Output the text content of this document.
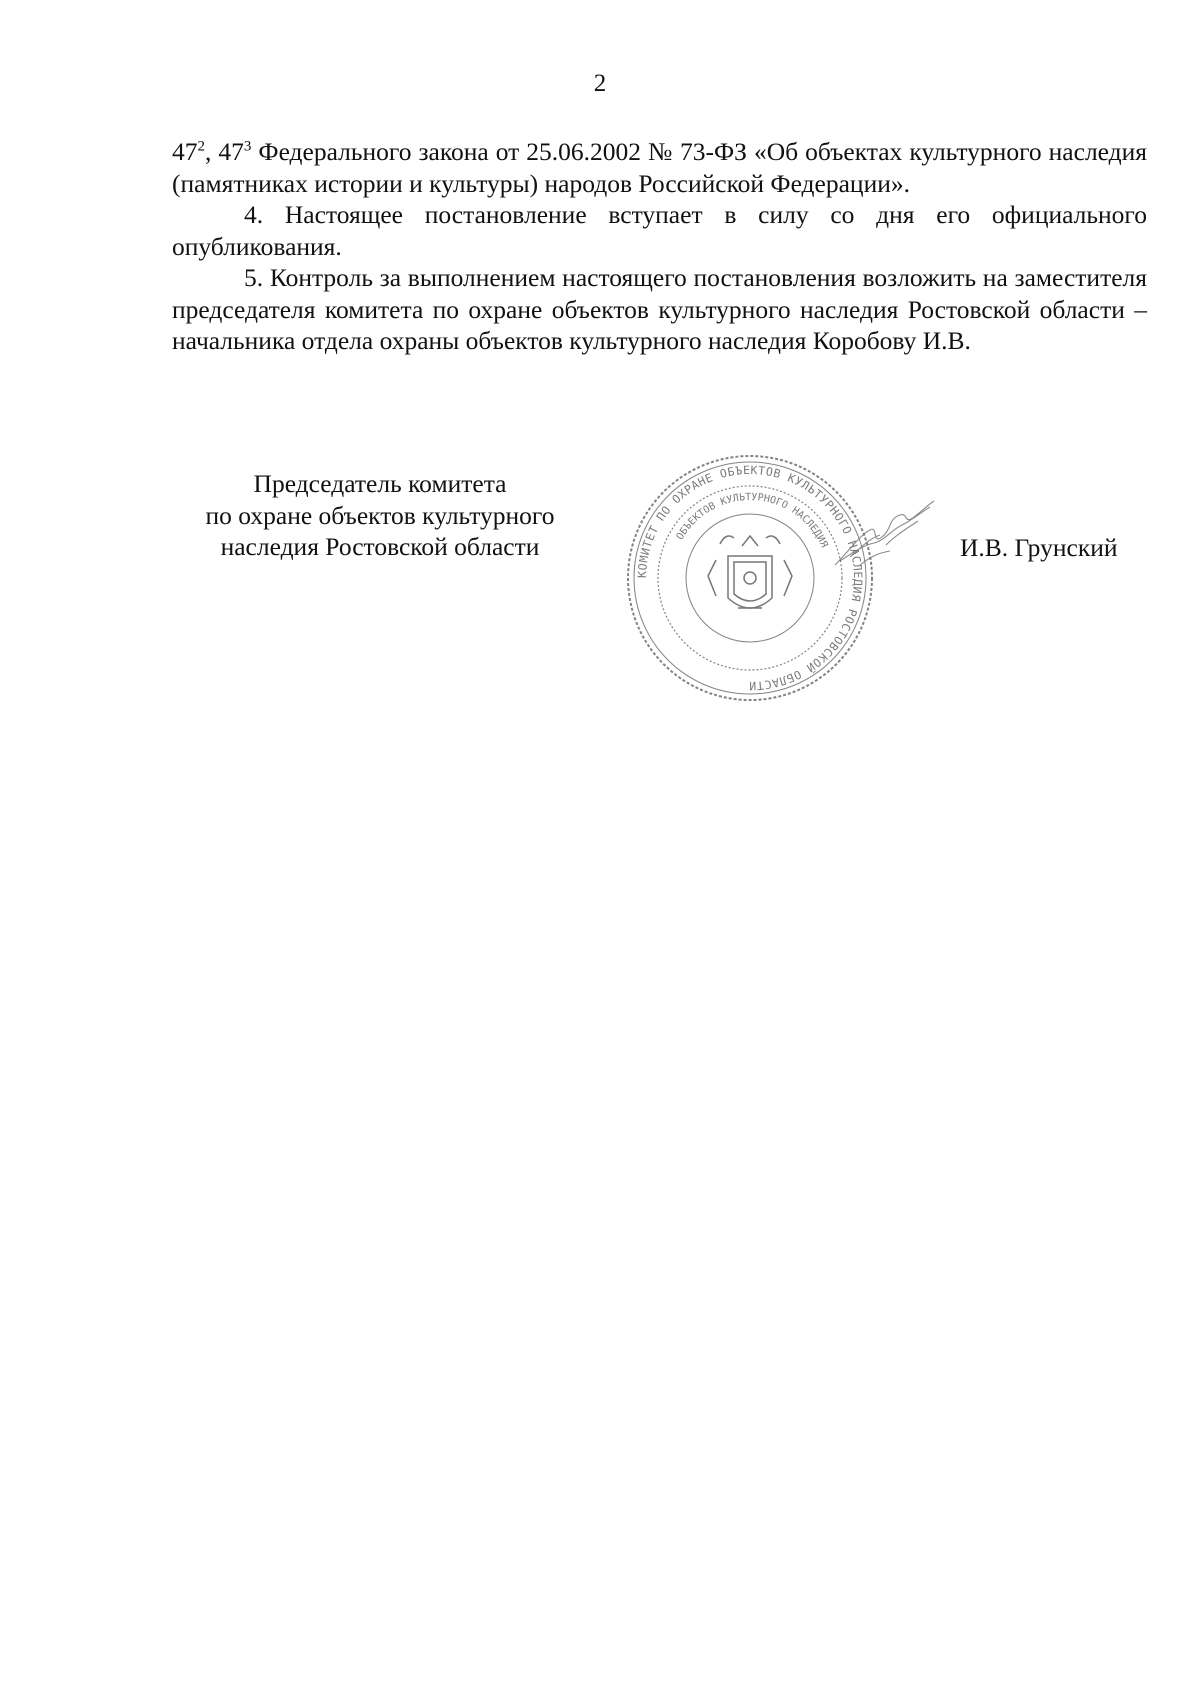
2

$47^2$, $47^3$ Федерального закона от 25.06.2002 № 73-ФЗ «Об объектах культурного наследия (памятниках истории и культуры) народов Российской Федерации».

4. Настоящее постановление вступает в силу со дня его официального опубликования.

5. Контроль за выполнением настоящего постановления возложить на заместителя председателя комитета по охране объектов культурного наследия Ростовской области – начальника отдела охраны объектов культурного наследия Коробову И.В.

Председатель комитета
по охране объектов культурного
наследия Ростовской области
КОМИТЕТ ПО ОХРАНЕ ОБЪЕКТОВ КУЛЬТУРНОГО НАСЛЕДИЯ РОСТОВСКОЙ ОБЛАСТИ
ОБЪЕКТОВ КУЛЬТУРНОГО НАСЛЕДИЯ	И.В. Грунский
